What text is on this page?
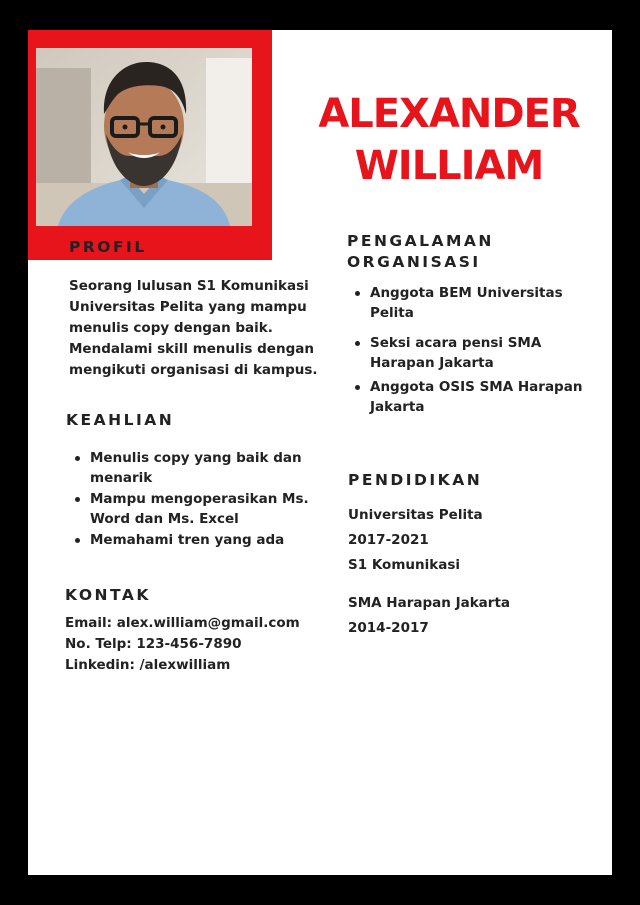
ALEXANDER
WILLIAM
PROFIL
Seorang lulusan S1 Komunikasi
Universitas Pelita yang mampu
menulis copy dengan baik.
Mendalami skill menulis dengan
mengikuti organisasi di kampus.
KEAHLIAN
Menulis copy yang baik dan
menarik
Mampu mengoperasikan Ms.
Word dan Ms. Excel
Memahami tren yang ada
KONTAK
Email: alex.william@gmail.com
No. Telp: 123-456-7890
Linkedin: /alexwilliam
PENGALAMAN
ORGANISASI
Anggota BEM Universitas
Pelita
Seksi acara pensi SMA
Harapan Jakarta
Anggota OSIS SMA Harapan
Jakarta
PENDIDIKAN
Universitas Pelita
2017-2021
S1 Komunikasi
SMA Harapan Jakarta
2014-2017
